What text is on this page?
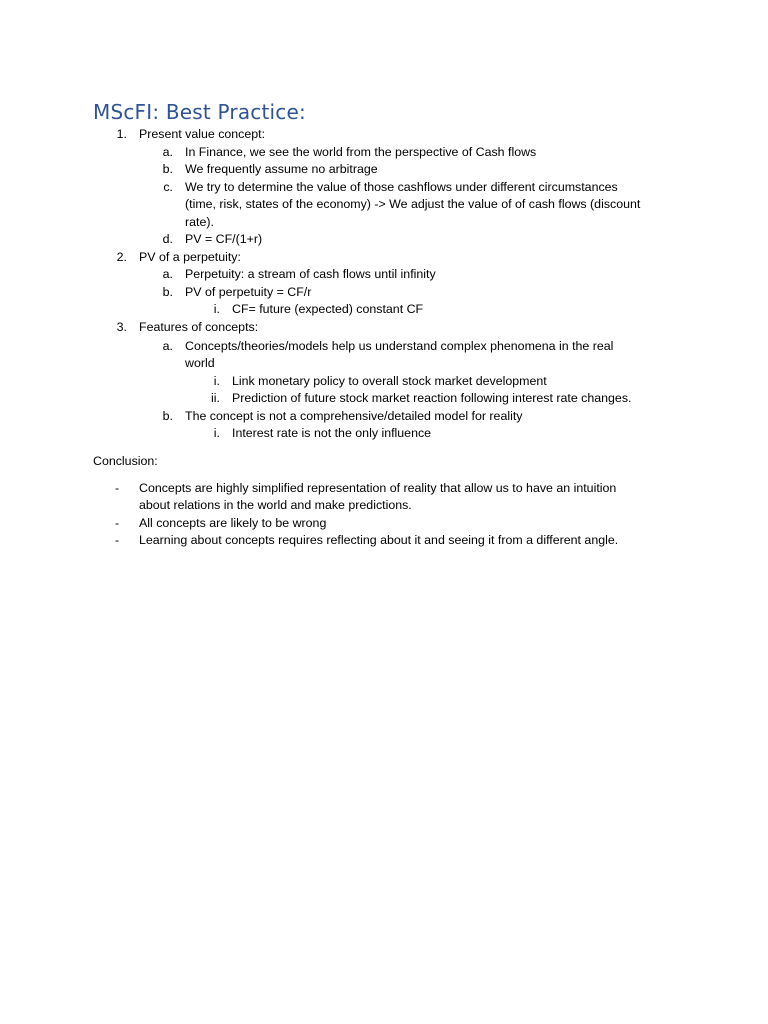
MScFI: Best Practice:
1. Present value concept:
a. In Finance, we see the world from the perspective of Cash flows
b. We frequently assume no arbitrage
c. We try to determine the value of those cashflows under different circumstances
(time, risk, states of the economy) -> We adjust the value of of cash flows (discount
rate).
d. PV = CF/(1+r)
2. PV of a perpetuity:
a. Perpetuity: a stream of cash flows until infinity
b. PV of perpetuity = CF/r
i. CF= future (expected) constant CF
3. Features of concepts:
a. Concepts/theories/models help us understand complex phenomena in the real
world
i. Link monetary policy to overall stock market development
ii. Prediction of future stock market reaction following interest rate changes.
b. The concept is not a comprehensive/detailed model for reality
i. Interest rate is not the only influence
Conclusion:
- Concepts are highly simplified representation of reality that allow us to have an intuition
about relations in the world and make predictions.
- All concepts are likely to be wrong
- Learning about concepts requires reflecting about it and seeing it from a different angle.
